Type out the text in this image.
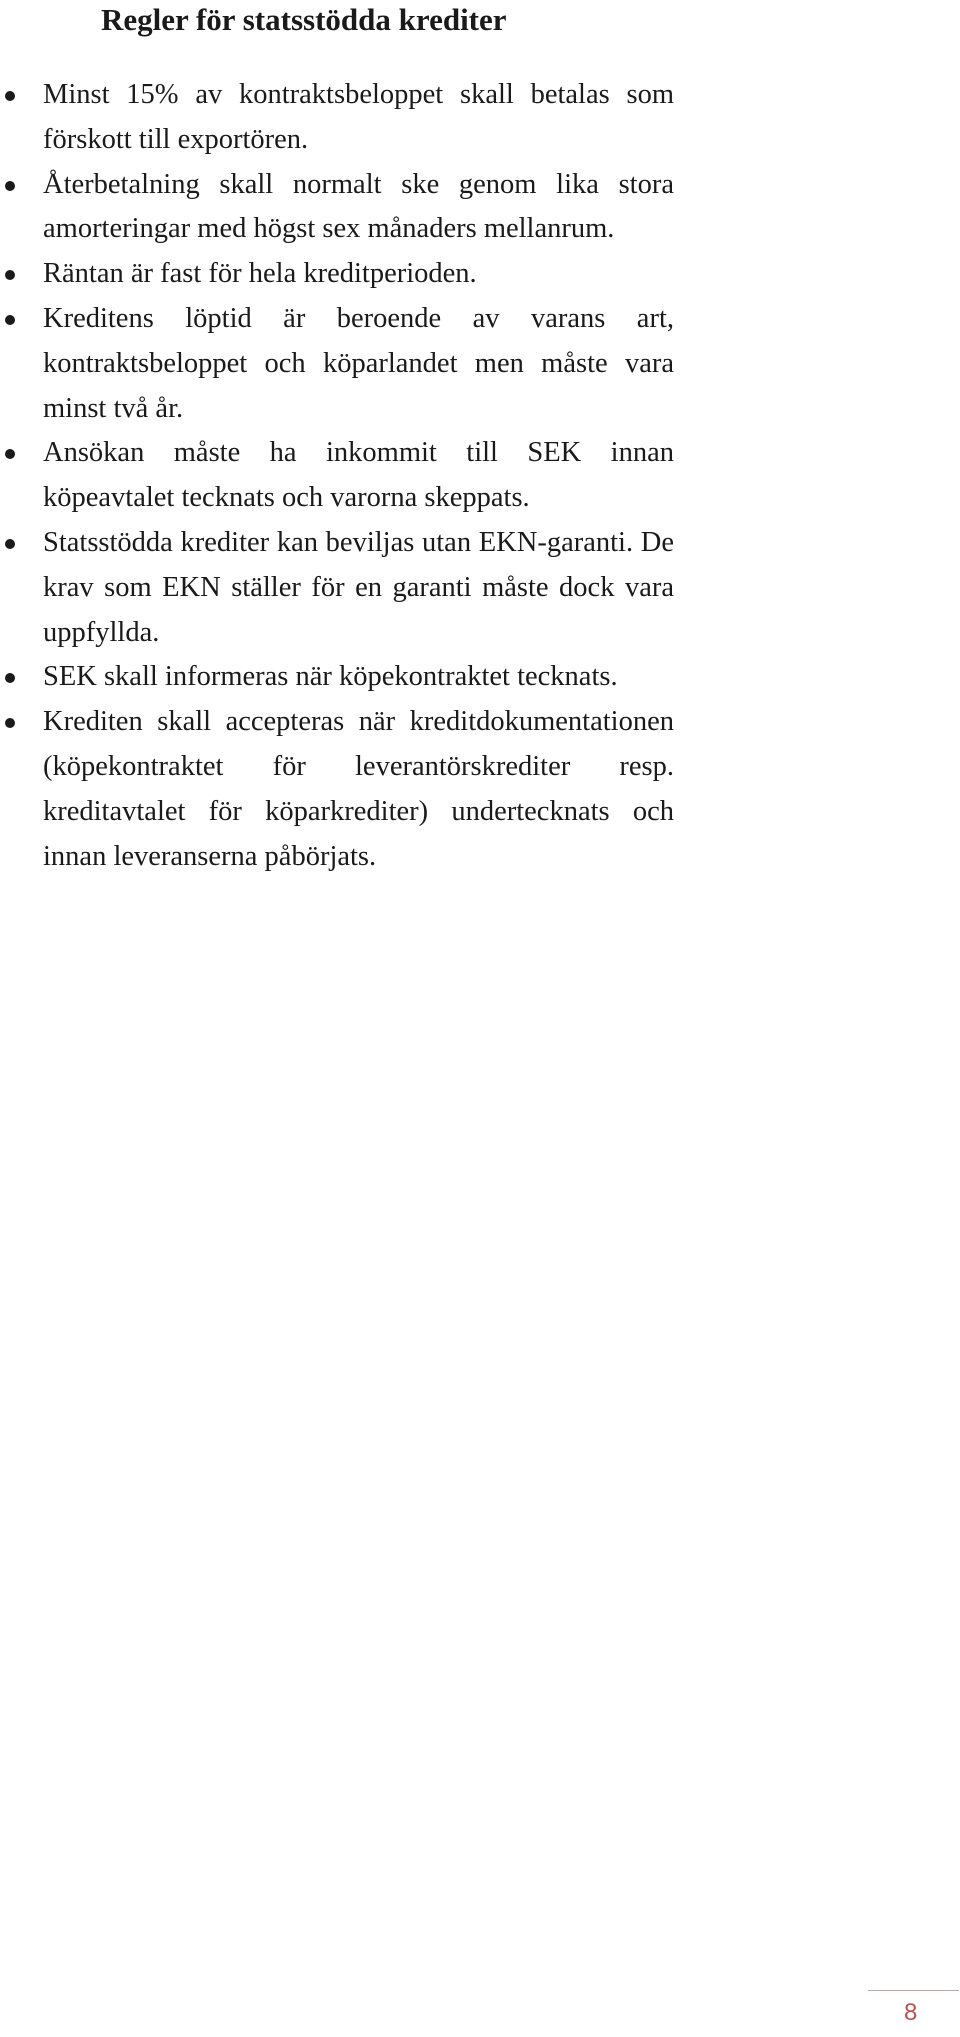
Regler för statsstödda krediter
Minst 15% av kontraktsbeloppet skall betalas som förskott till exportören.
Återbetalning skall normalt ske genom lika stora amorteringar med högst sex månaders mellanrum.
Räntan är fast för hela kreditperioden.
Kreditens löptid är beroende av varans art, kontraktsbeloppet och köparlandet men måste vara minst två år.
Ansökan måste ha inkommit till SEK innan köpeavtalet tecknats och varorna skeppats.
Statsstödda krediter kan beviljas utan EKN-garanti. De krav som EKN ställer för en garanti måste dock vara uppfyllda.
SEK skall informeras när köpekontraktet tecknats.
Krediten skall accepteras när kreditdokumentationen (köpekontraktet för leverantörskrediter resp. kreditavtalet för köparkrediter) undertecknats och innan leveranserna påbörjats.
8
